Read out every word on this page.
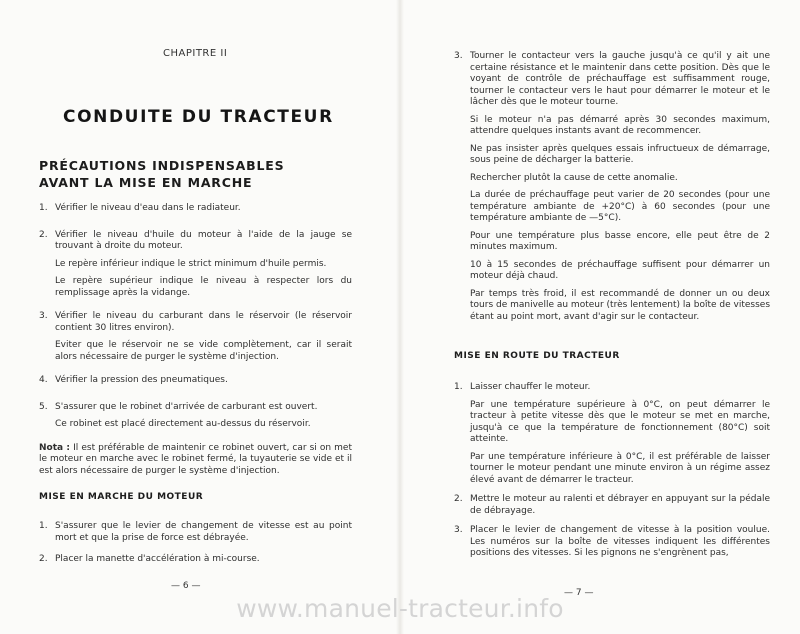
CHAPITRE II
CONDUITE DU TRACTEUR
PRÉCAUTIONS INDISPENSABLES
AVANT LA MISE EN MARCHE
1. Vérifier le niveau d'eau dans le radiateur.

2. Vérifier le niveau d'huile du moteur à l'aide de la jauge se trouvant à droite du moteur.

Le repère inférieur indique le strict minimum d'huile permis.

Le repère supérieur indique le niveau à respecter lors du remplissage après la vidange.

3. Vérifier le niveau du carburant dans le réservoir (le réservoir contient 30 litres environ).

Eviter que le réservoir ne se vide complètement, car il serait alors nécessaire de purger le système d'injection.

4. Vérifier la pression des pneumatiques.

5. S'assurer que le robinet d'arrivée de carburant est ouvert.

Ce robinet est placé directement au-dessus du réservoir.

Nota : Il est préférable de maintenir ce robinet ouvert, car si on met le moteur en marche avec le robinet fermé, la tuyauterie se vide et il est alors nécessaire de purger le système d'injection.

MISE EN MARCHE DU MOTEUR
1. S'assurer que le levier de changement de vitesse est au point mort et que la prise de force est débrayée.
2. Placer la manette d'accélération à mi-course.
— 6 —
3. Tourner le contacteur vers la gauche jusqu'à ce qu'il y ait une certaine résistance et le maintenir dans cette position. Dès que le voyant de contrôle de préchauffage est suffisamment rouge, tourner le contacteur vers le haut pour démarrer le moteur et le lâcher dès que le moteur tourne.

Si le moteur n'a pas démarré après 30 secondes maximum, attendre quelques instants avant de recommencer.

Ne pas insister après quelques essais infructueux de démarrage, sous peine de décharger la batterie.

Rechercher plutôt la cause de cette anomalie.

La durée de préchauffage peut varier de 20 secondes (pour une température ambiante de +20°C) à 60 secondes (pour une température ambiante de —5°C).

Pour une température plus basse encore, elle peut être de 2 minutes maximum.

10 à 15 secondes de préchauffage suffisent pour démarrer un moteur déjà chaud.

Par temps très froid, il est recommandé de donner un ou deux tours de manivelle au moteur (très lentement) la boîte de vitesses étant au point mort, avant d'agir sur le contacteur.

MISE EN ROUTE DU TRACTEUR
1. Laisser chauffer le moteur.

Par une température supérieure à 0°C, on peut démarrer le tracteur à petite vitesse dès que le moteur se met en marche, jusqu'à ce que la température de fonctionnement (80°C) soit atteinte.

Par une température inférieure à 0°C, il est préférable de laisser tourner le moteur pendant une minute environ à un régime assez élevé avant de démarrer le tracteur.

2. Mettre le moteur au ralenti et débrayer en appuyant sur la pédale de débrayage.

3. Placer le levier de changement de vitesse à la position voulue. Les numéros sur la boîte de vitesses indiquent les différentes positions des vitesses. Si les pignons ne s'engrènent pas,

— 7 —
www.manuel-tracteur.info
